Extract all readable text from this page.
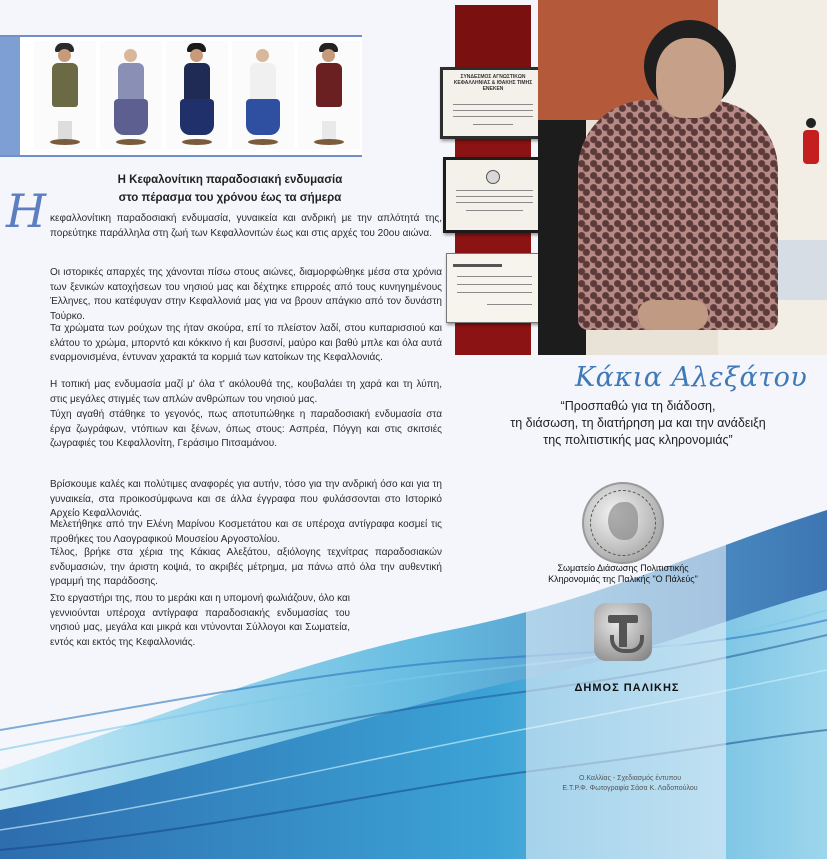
Η Κεφαλονίτικη παραδοσιακή ενδυμασία
στο πέρασμα του χρόνου έως τα σήμερα
Η κεφαλλονίτικη παραδοσιακή ενδυμασία, γυναικεία και ανδρική με την απλότητά της, πορεύτηκε παράλληλα στη ζωή των Κεφαλλονιτών έως και στις αρχές του 20ου αιώνα.
Οι ιστορικές απαρχές της χάνονται πίσω στους αιώνες, διαμορφώθηκε μέσα στα χρόνια των ξενικών κατοχήσεων του νησιού μας και δέχτηκε επιρροές από τους κυνηγημένους Έλληνες, που κατέφυγαν στην Κεφαλλονιά μας για να βρουν απάγκιο από τον δυνάστη Τούρκο.
Τα χρώματα των ρούχων της ήταν σκούρα, επί το πλείστον λαδί, στου κυπαρισσιού και ελάτου το χρώμα, μπορντό και κόκκινο ή και βυσσινί, μαύρο και βαθύ μπλε και όλα αυτά εναρμονισμένα, έντυναν χαρακτά τα κορμιά των κατοίκων της Κεφαλλονιάς.
Η τοπική μας ενδυμασία μαζί μ' όλα τ' ακόλουθά της, κουβαλάει τη χαρά και τη λύπη, στις μεγάλες στιγμές των απλών ανθρώπων του νησιού μας.
Τύχη αγαθή στάθηκε το γεγονός, πως αποτυπώθηκε η παραδοσιακή ενδυμασία στα έργα ζωγράφων, ντόπιων και ξένων, όπως στους: Ασπρέα, Πόγγη και στις σκιτσιές ζωγραφιές του Κεφαλλονίτη, Γεράσιμο Πιτσαμάνου.
Βρίσκουμε καλές και πολύτιμες αναφορές για αυτήν, τόσο για την ανδρική όσο και για τη γυναικεία, στα προικοσύμφωνα και σε άλλα έγγραφα που φυλάσσονται στο Ιστορικό Αρχείο Κεφαλλονιάς.
Μελετήθηκε από την Ελένη Μαρίνου Κοσμετάτου και σε υπέροχα αντίγραφα κοσμεί τις προθήκες του Λαογραφικού Μουσείου Αργοστολίου.
Τέλος, βρήκε στα χέρια της Κάκιας Αλεξάτου, αξιόλογης τεχνίτρας παραδοσιακών ενδυμασιών, την άριστη κοψιά, το ακριβές μέτρημα, μα πάνω από όλα την αυθεντική γραμμή της παράδοσης.
Στο εργαστήρι της, που το μεράκι και η υπομονή φωλιάζουν, όλο και γεννιούνται υπέροχα αντίγραφα παραδοσιακής ενδυμασίας του νησιού μας, μεγάλα και μικρά και ντύνονται Σύλλογοι και Σωματεία, εντός και εκτός της Κεφαλλονιάς.
ΣΥΝΔΕΣΜΟΣ ΑΓΝΩΣΤΙΚΩΝ ΚΕΦΑΛΛΗΝΙΑΣ & ΙΘΑΚΗΣ ΤΙΜΗΣ ΕΝΕΚΕΝ
Κάκια Αλεξάτου
“Προσπαθώ για τη διάδοση,
τη διάσωση, τη διατήρηση μα και την ανάδειξη
της πολιτιστικής μας κληρονομιάς”
Σωματείο Διάσωσης Πολιτιστικής
Κληρονομιάς της Παλικής "Ο Πάλεύς"
ΔΗΜΟΣ ΠΑΛΙΚΗΣ
Ο.Καλλίας - Σχεδιασμός έντυπου
Ε.Τ.Ρ.Φ. Φωτογραφία Σάσα Κ. Λαδοπούλου
